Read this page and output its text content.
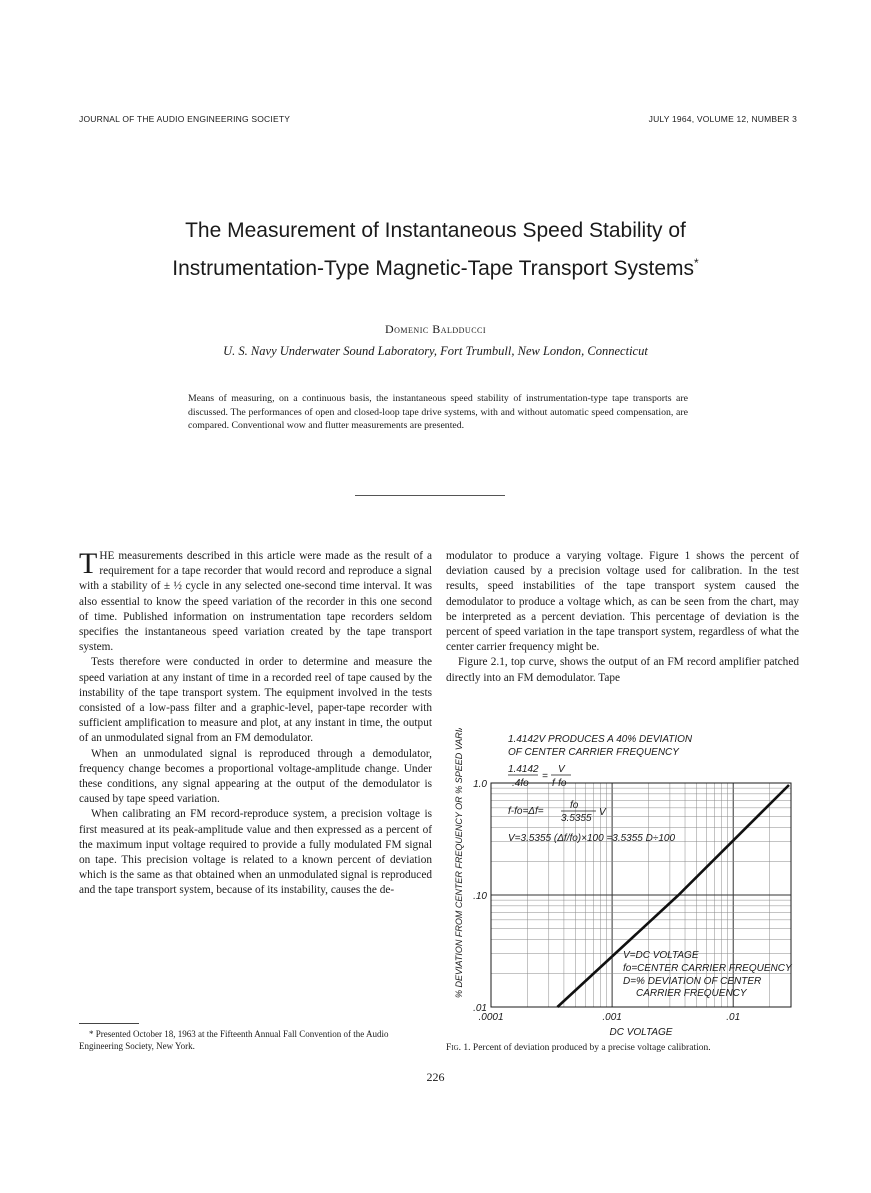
JOURNAL OF THE AUDIO ENGINEERING SOCIETY	JULY 1964, VOLUME 12, NUMBER 3
The Measurement of Instantaneous Speed Stability of
Instrumentation-Type Magnetic-Tape Transport Systems*
Domenic Baldducci
U. S. Navy Underwater Sound Laboratory, Fort Trumbull, New London, Connecticut
Means of measuring, on a continuous basis, the instantaneous speed stability of instrumentation-type tape transports are discussed. The performances of open and closed-loop tape drive systems, with and without automatic speed compensation, are compared. Conventional wow and flutter measurements are presented.

THE measurements described in this article were made as the result of a requirement for a tape recorder that would record and reproduce a signal with a stability of ± ½ cycle in any selected one-second time interval. It was also essential to know the speed variation of the recorder in this one second of time. Published information on instrumentation tape recorders seldom specifies the instantaneous speed variation created by the tape transport system.

Tests therefore were conducted in order to determine and measure the speed variation at any instant of time in a recorded reel of tape caused by the instability of the tape transport system. The equipment involved in the tests consisted of a low-pass filter and a graphic-level, paper-tape recorder with sufficient amplification to measure and plot, at any instant in time, the output of an unmodulated signal from an FM demodulator.

When an unmodulated signal is reproduced through a demodulator, frequency change becomes a proportional voltage-amplitude change. Under these conditions, any signal appearing at the output of the demodulator is caused by tape speed variation.

When calibrating an FM record-reproduce system, a precision voltage is first measured at its peak-amplitude value and then expressed as a percent of the maximum input voltage required to provide a fully modulated FM signal on tape. This precision voltage is related to a known percent of deviation which is the same as that obtained when an unmodulated signal is reproduced and the tape transport system, because of its instability, causes the de-

modulator to produce a varying voltage. Figure 1 shows the percent of deviation caused by a precision voltage used for calibration. In the test results, speed instabilities of the tape transport system caused the demodulator to produce a voltage which, as can be seen from the chart, may be interpreted as a percent deviation. This percentage of deviation is the percent of speed variation in the tape transport system, regardless of what the center carrier frequency might be.

Figure 2.1, top curve, shows the output of an FM record amplifier patched directly into an FM demodulator. Tape

* Presented October 18, 1963 at the Fifteenth Annual Fall Convention of the Audio Engineering Society, New York.
.0001	.001	.01
1.0
.10
.01
1.4142V PRODUCES A 40% DEVIATION
OF CENTER CARRIER FREQUENCY
1.4142
.4fo
=
V
f-fo
f-fo=Δf=
fo
3.5355
V
V=3.5355 (Δf/fo)×100 =3.5355 D÷100
V=DC VOLTAGE
fo=CENTER CARRIER FREQUENCY
D=% DEVIATION OF CENTER
CARRIER FREQUENCY
% DEVIATION FROM CENTER FREQUENCY OR % SPEED VARIATION
DC VOLTAGE
Fig. 1. Percent of deviation produced by a precise voltage calibration.
226
